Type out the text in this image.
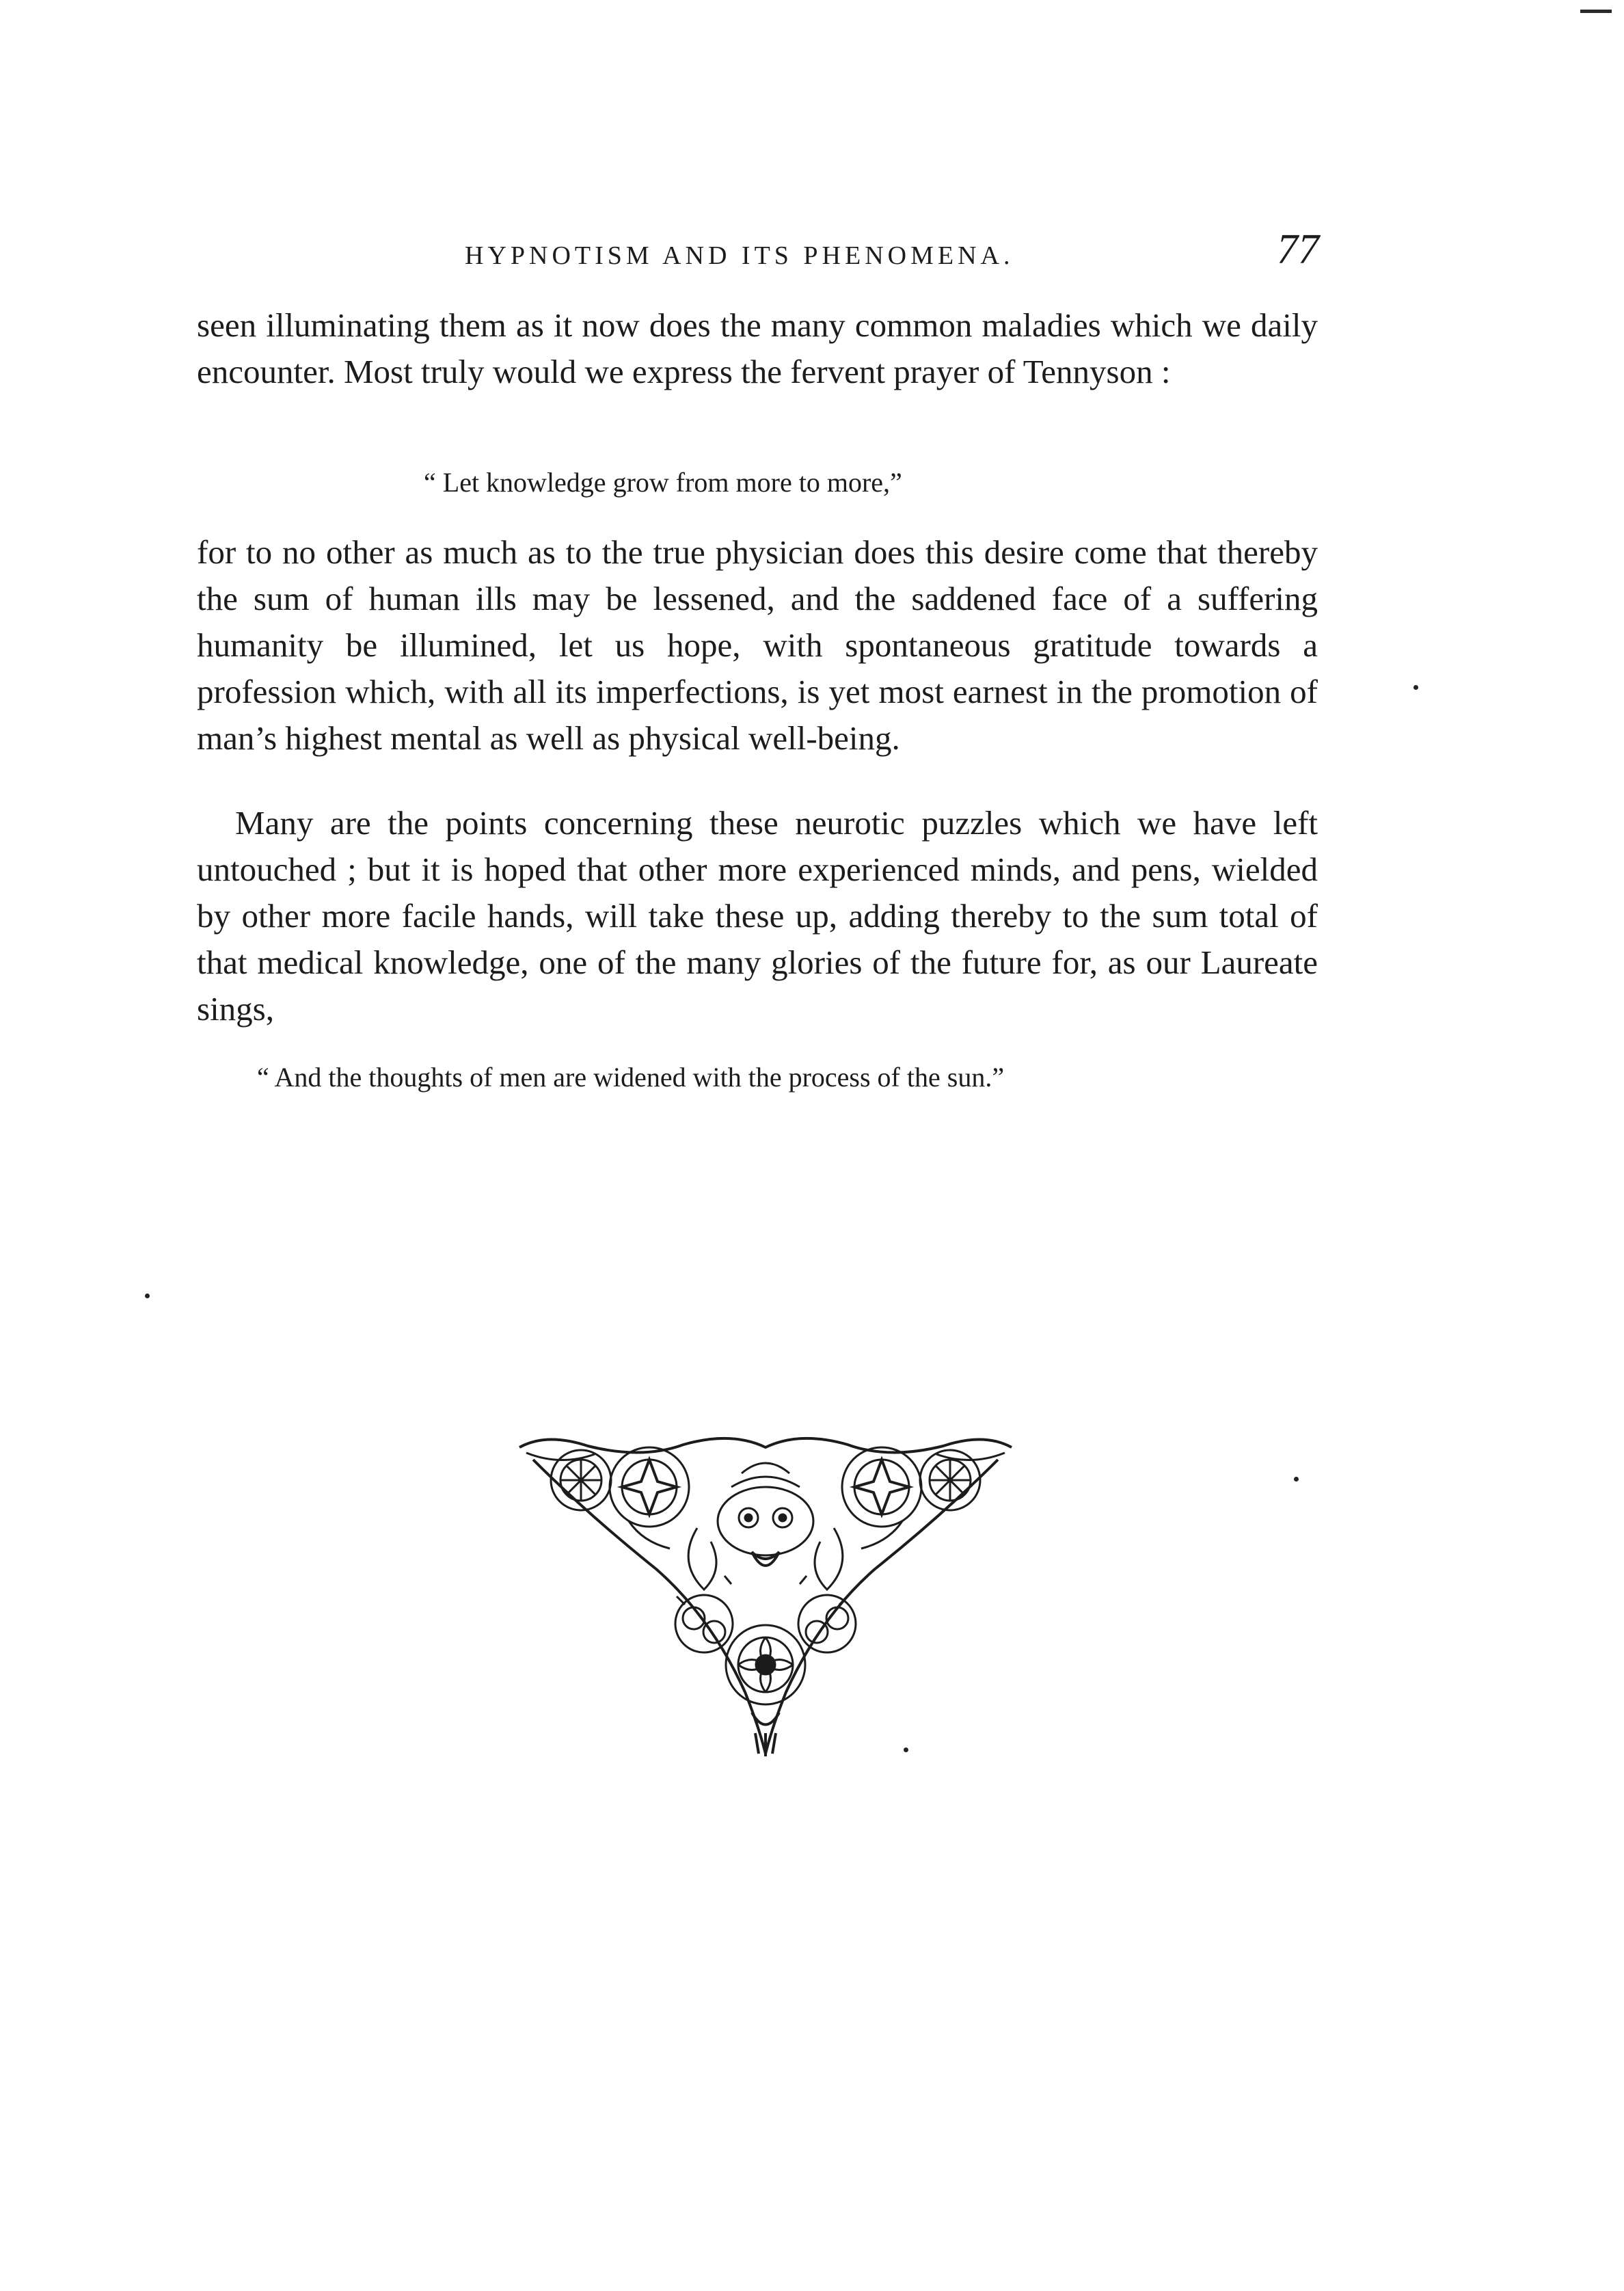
HYPNOTISM AND ITS PHENOMENA.	77

seen illuminating them as it now does the many common maladies which we daily encounter. Most truly would we express the fervent prayer of Tennyson :

“ Let knowledge grow from more to more,”

for to no other as much as to the true physician does this desire come that thereby the sum of human ills may be lessened, and the saddened face of a suffering humanity be illumined, let us hope, with spontaneous gratitude towards a profession which, with all its imperfections, is yet most earnest in the promotion of man’s highest mental as well as physical well-being.

Many are the points concerning these neurotic puzzles which we have left untouched ; but it is hoped that other more experienced minds, and pens, wielded by other more facile hands, will take these up, adding thereby to the sum total of that medical knowledge, one of the many glories of the future for, as our Laureate sings,

“ And the thoughts of men are widened with the process of the sun.”
